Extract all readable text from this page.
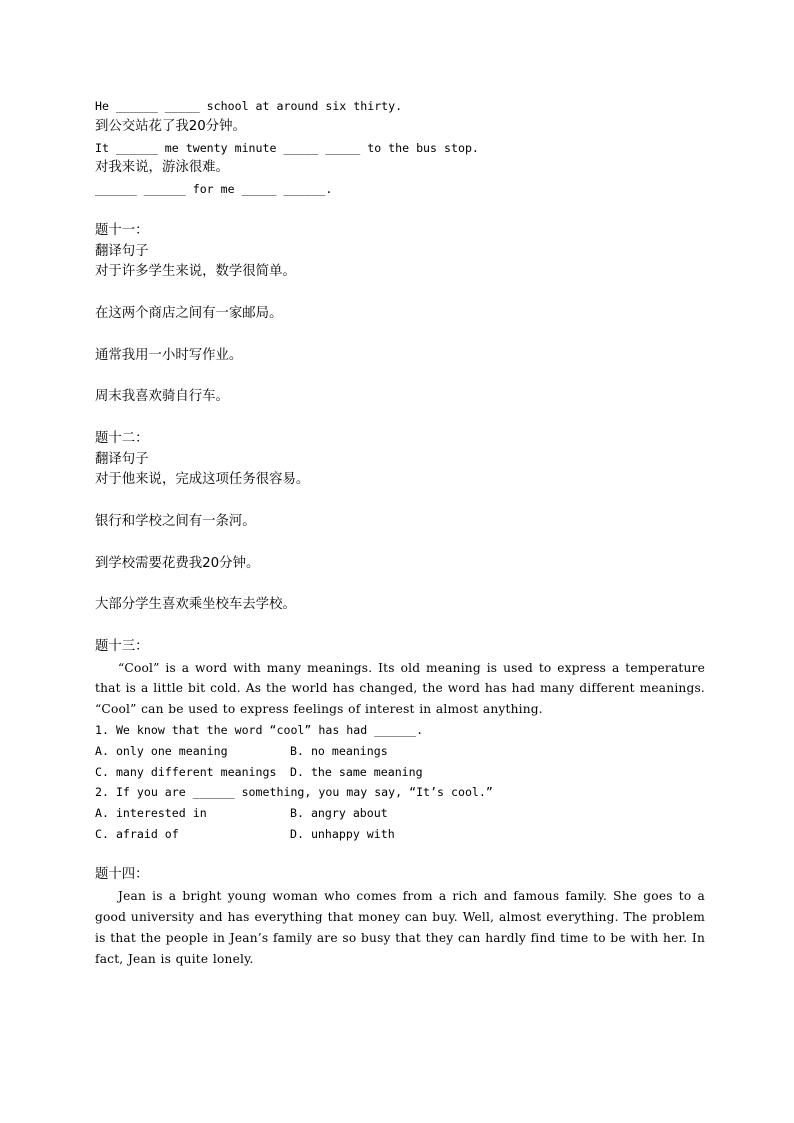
He ______ _____ school at around six thirty.
到公交站花了我20分钟。
It ______ me twenty minute _____ _____ to the bus stop.
对我来说，游泳很难。
______ ______ for me _____ ______.
题十一：
翻译句子
对于许多学生来说，数学很简单。
在这两个商店之间有一家邮局。
通常我用一小时写作业。
周末我喜欢骑自行车。
题十二：
翻译句子
对于他来说，完成这项任务很容易。
银行和学校之间有一条河。
到学校需要花费我20分钟。
大部分学生喜欢乘坐校车去学校。
题十三：
“Cool” is a word with many meanings. Its old meaning is used to express a temperature that is a little bit cold. As the world has changed, the word has had many different meanings. “Cool” can be used to express feelings of interest in almost anything.
1. We know that the word “cool” has had ______.
A. only one meaning	B. no meanings
C. many different meanings	D. the same meaning
2. If you are ______ something, you may say, “It’s cool.”
A. interested in	B. angry about
C. afraid of	D. unhappy with
题十四：
Jean is a bright young woman who comes from a rich and famous family. She goes to a good university and has everything that money can buy. Well, almost everything. The problem is that the people in Jean’s family are so busy that they can hardly find time to be with her. In fact, Jean is quite lonely.
